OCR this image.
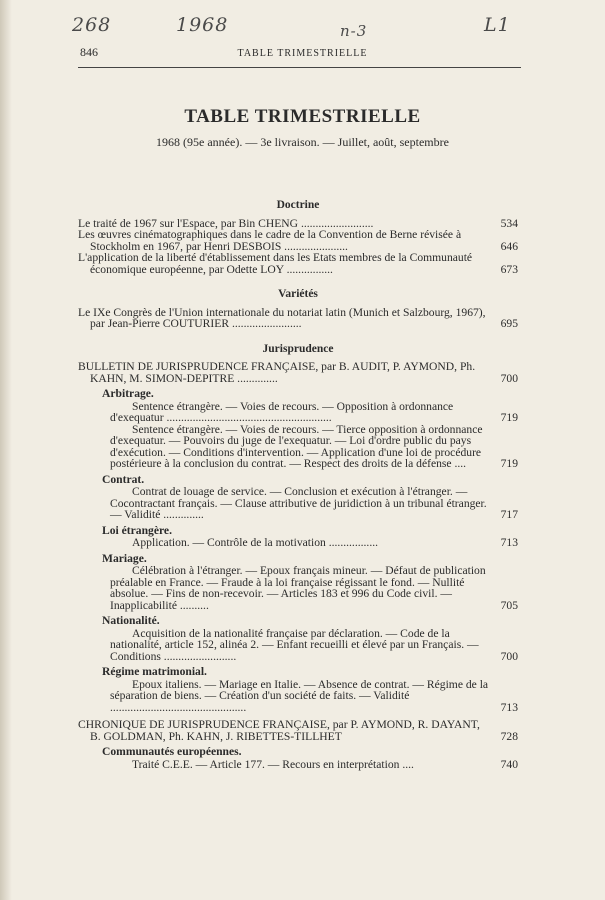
268	1968	n-3	L1
846	TABLE TRIMESTRIELLE
TABLE TRIMESTRIELLE
1968 (95e année). — 3e livraison. — Juillet, août, septembre
Doctrine
Le traité de 1967 sur l'Espace, par Bin CHENG .........................	534
Les œuvres cinématographiques dans le cadre de la Convention de Berne révisée à Stockholm en 1967, par Henri DESBOIS ......................	646
L'application de la liberté d'établissement dans les Etats membres de la Communauté économique européenne, par Odette LOY ................	673
Variétés
Le IXe Congrès de l'Union internationale du notariat latin (Munich et Salzbourg, 1967), par Jean-Pierre COUTURIER ........................	695
Jurisprudence
BULLETIN DE JURISPRUDENCE FRANÇAISE, par B. AUDIT, P. AYMOND, Ph. KAHN, M. SIMON-DEPITRE ..............	700
Arbitrage.
Sentence étrangère. — Voies de recours. — Opposition à ordonnance d'exequatur .........................................................	719
Sentence étrangère. — Voies de recours. — Tierce opposition à ordonnance d'exequatur. — Pouvoirs du juge de l'exequatur. — Loi d'ordre public du pays d'exécution. — Conditions d'intervention. — Application d'une loi de procédure postérieure à la conclusion du contrat. — Respect des droits de la défense ....	719
Contrat.
Contrat de louage de service. — Conclusion et exécution à l'étranger. — Cocontractant français. — Clause attributive de juridiction à un tribunal étranger. — Validité ..............	717
Loi étrangère.
Application. — Contrôle de la motivation .................	713
Mariage.
Célébration à l'étranger. — Epoux français mineur. — Défaut de publication préalable en France. — Fraude à la loi française régissant le fond. — Nullité absolue. — Fins de non-recevoir. — Articles 183 et 996 du Code civil. — Inapplicabilité ..........	705
Nationalité.
Acquisition de la nationalité française par déclaration. — Code de la nationalité, article 152, alinéa 2. — Enfant recueilli et élevé par un Français. — Conditions .........................	700
Régime matrimonial.
Epoux italiens. — Mariage en Italie. — Absence de contrat. — Régime de la séparation de biens. — Création d'un société de faits. — Validité ...............................................	713
CHRONIQUE DE JURISPRUDENCE FRANÇAISE, par P. AYMOND, R. DAYANT, B. GOLDMAN, Ph. KAHN, J. RIBETTES-TILLHET	728
Communautés européennes.
Traité C.E.E. — Article 177. — Recours en interprétation ....	740
